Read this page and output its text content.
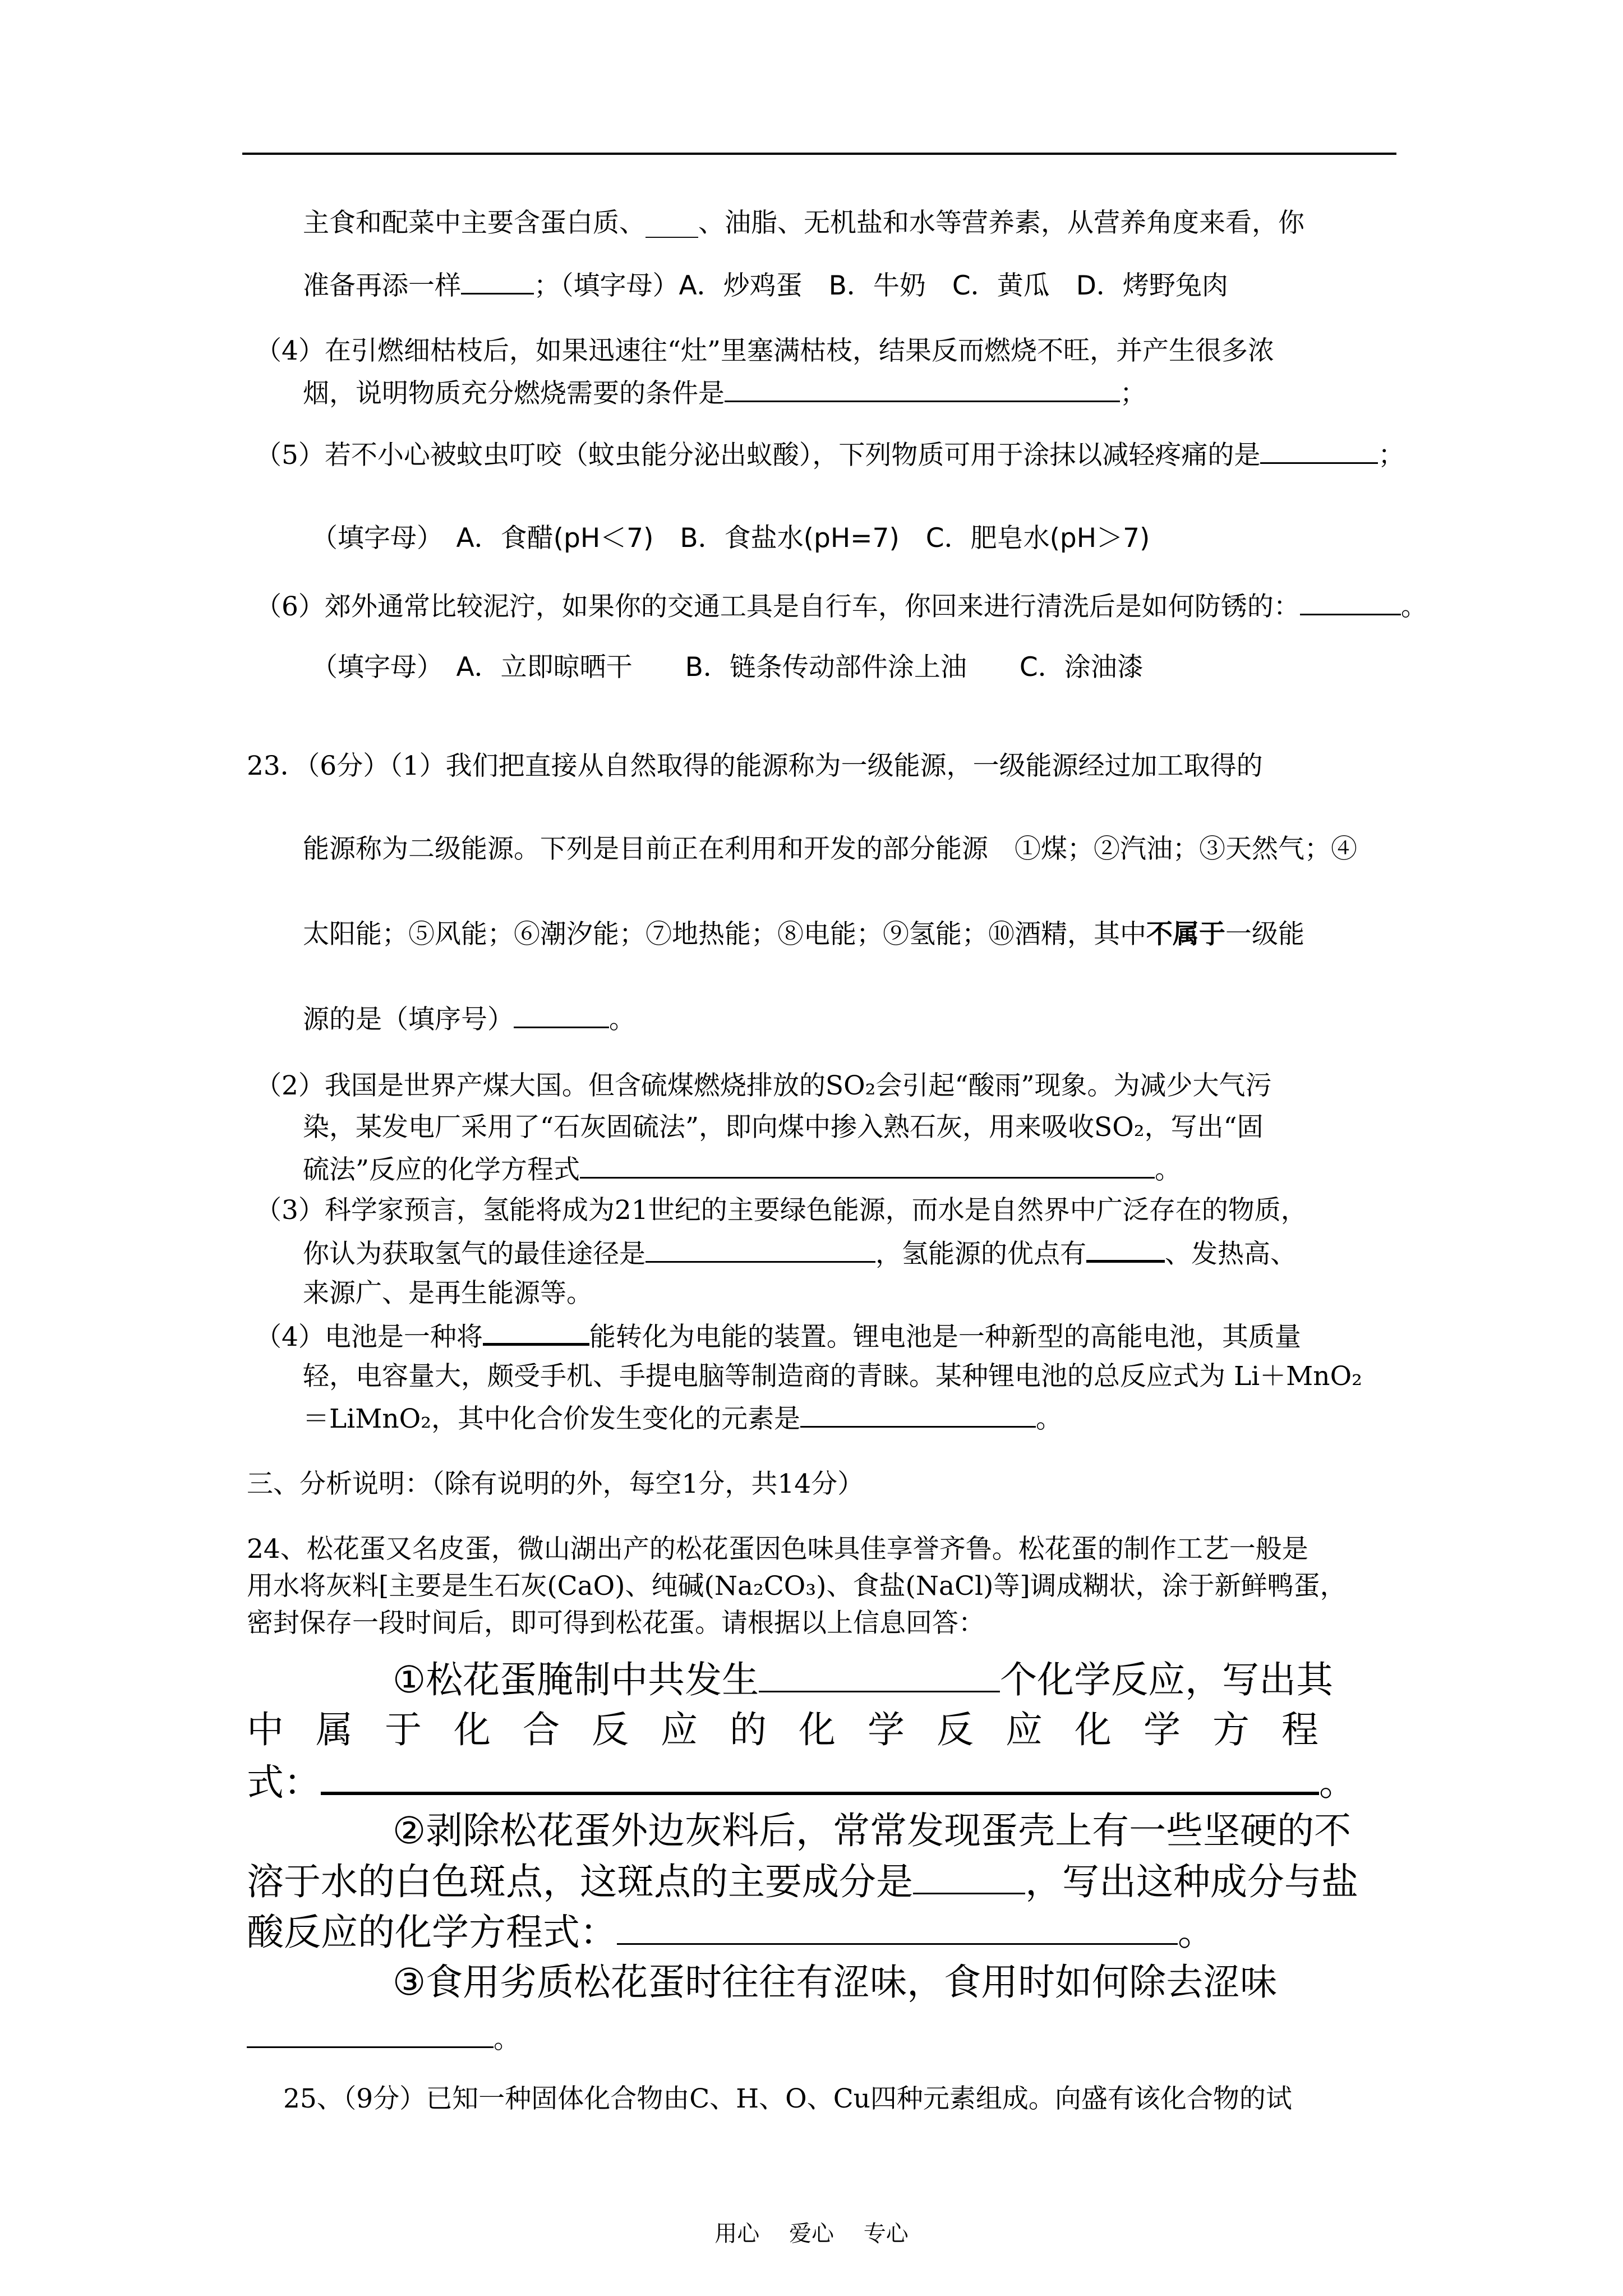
主食和配菜中主要含蛋白质、____、油脂、无机盐和水等营养素，从营养角度来看，你
准备再添一样	；（填字母）A．炒鸡蛋　B．牛奶　C．黄瓜　D．烤野兔肉
（4）在引燃细枯枝后，如果迅速往“灶”里塞满枯枝，结果反而燃烧不旺，并产生很多浓
烟，说明物质充分燃烧需要的条件是	；
（5）若不小心被蚊虫叮咬（蚊虫能分泌出蚁酸），下列物质可用于涂抹以减轻疼痛的是	；
（填字母）　A．食醋(pH＜7)　B．食盐水(pH=7)　C．肥皂水(pH＞7)
（6）郊外通常比较泥泞，如果你的交通工具是自行车，你回来进行清洗后是如何防锈的：	。
（填字母）　A．立即晾晒干　　B．链条传动部件涂上油　　C．涂油漆
23．（6分）（1）我们把直接从自然取得的能源称为一级能源，一级能源经过加工取得的
能源称为二级能源。下列是目前正在利用和开发的部分能源　①煤；②汽油；③天然气；④
太阳能；⑤风能；⑥潮汐能；⑦地热能；⑧电能；⑨氢能；⑩酒精，其中不属于一级能
源的是（填序号）	。
（2）我国是世界产煤大国。但含硫煤燃烧排放的SO₂会引起“酸雨”现象。为减少大气污
染，某发电厂采用了“石灰固硫法”，即向煤中掺入熟石灰，用来吸收SO₂，写出“固
硫法”反应的化学方程式	。
（3）科学家预言，氢能将成为21世纪的主要绿色能源，而水是自然界中广泛存在的物质，
你认为获取氢气的最佳途径是	，氢能源的优点有	、发热高、
来源广、是再生能源等。
（4）电池是一种将	能转化为电能的装置。锂电池是一种新型的高能电池，其质量
轻，电容量大，颇受手机、手提电脑等制造商的青睐。某种锂电池的总反应式为 Li＋MnO₂
＝LiMnO₂，其中化合价发生变化的元素是	。
三、分析说明：（除有说明的外，每空1分，共14分）
24、松花蛋又名皮蛋，微山湖出产的松花蛋因色味具佳享誉齐鲁。松花蛋的制作工艺一般是
用水将灰料[主要是生石灰(CaO)、纯碱(Na₂CO₃)、食盐(NaCl)等]调成糊状，涂于新鲜鸭蛋，
密封保存一段时间后，即可得到松花蛋。请根据以上信息回答：
①松花蛋腌制中共发生	个化学反应，写出其
中属于化合反应的化学反应化学方程
式：	。
②剥除松花蛋外边灰料后，常常发现蛋壳上有一些坚硬的不
溶于水的白色斑点，这斑点的主要成分是	，写出这种成分与盐
酸反应的化学方程式：	。
③食用劣质松花蛋时往往有涩味，食用时如何除去涩味
。
25、（9分）已知一种固体化合物由C、H、O、Cu四种元素组成。向盛有该化合物的试
用心 爱心 专心
